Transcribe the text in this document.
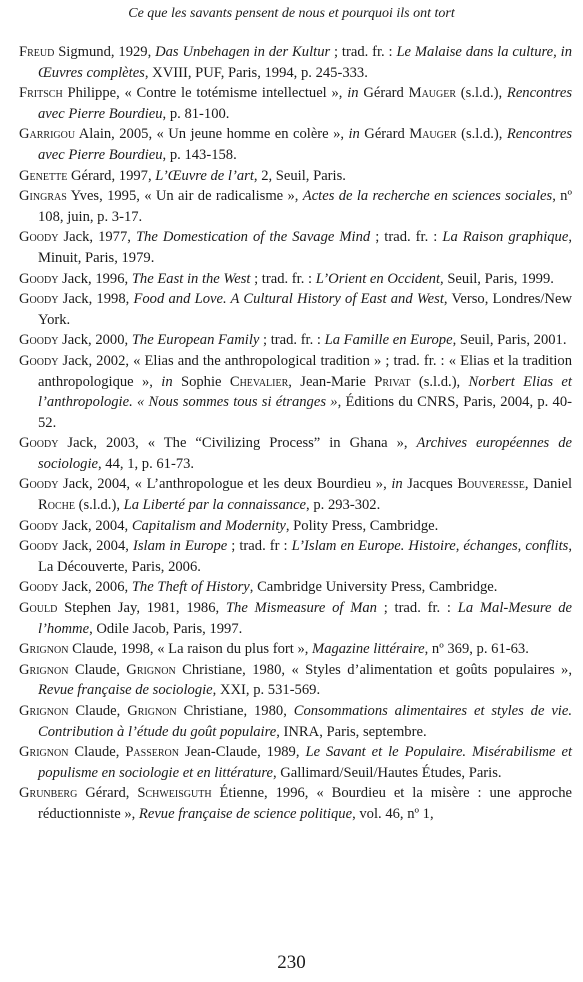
Ce que les savants pensent de nous et pourquoi ils ont tort

Freud Sigmund, 1929, Das Unbehagen in der Kultur ; trad. fr. : Le Malaise dans la culture, in Œuvres complètes, XVIII, PUF, Paris, 1994, p. 245-333.

Fritsch Philippe, « Contre le totémisme intellectuel », in Gérard Mauger (s.l.d.), Rencontres avec Pierre Bourdieu, p. 81-100.

Garrigou Alain, 2005, « Un jeune homme en colère », in Gérard Mauger (s.l.d.), Rencontres avec Pierre Bourdieu, p. 143-158.

Genette Gérard, 1997, L’Œuvre de l’art, 2, Seuil, Paris.

Gingras Yves, 1995, « Un air de radicalisme », Actes de la recherche en sciences sociales, nº 108, juin, p. 3-17.

Goody Jack, 1977, The Domestication of the Savage Mind ; trad. fr. : La Raison graphique, Minuit, Paris, 1979.

Goody Jack, 1996, The East in the West ; trad. fr. : L’Orient en Occident, Seuil, Paris, 1999.

Goody Jack, 1998, Food and Love. A Cultural History of East and West, Verso, Londres/New York.

Goody Jack, 2000, The European Family ; trad. fr. : La Famille en Europe, Seuil, Paris, 2001.

Goody Jack, 2002, « Elias and the anthropological tradition » ; trad. fr. : « Elias et la tradition anthropologique », in Sophie Chevalier, Jean-Marie Privat (s.l.d.), Norbert Elias et l’anthropologie. « Nous sommes tous si étranges », Éditions du CNRS, Paris, 2004, p. 40-52.

Goody Jack, 2003, « The “Civilizing Process” in Ghana », Archives européennes de sociologie, 44, 1, p. 61-73.

Goody Jack, 2004, « L’anthropologue et les deux Bourdieu », in Jacques Bouveresse, Daniel Roche (s.l.d.), La Liberté par la connaissance, p. 293-302.

Goody Jack, 2004, Capitalism and Modernity, Polity Press, Cambridge.

Goody Jack, 2004, Islam in Europe ; trad. fr : L’Islam en Europe. Histoire, échanges, conflits, La Découverte, Paris, 2006.

Goody Jack, 2006, The Theft of History, Cambridge University Press, Cambridge.

Gould Stephen Jay, 1981, 1986, The Mismeasure of Man ; trad. fr. : La Mal-Mesure de l’homme, Odile Jacob, Paris, 1997.

Grignon Claude, 1998, « La raison du plus fort », Magazine littéraire, nº 369, p. 61-63.

Grignon Claude, Grignon Christiane, 1980, « Styles d’alimentation et goûts populaires », Revue française de sociologie, XXI, p. 531-569.

Grignon Claude, Grignon Christiane, 1980, Consommations alimentaires et styles de vie. Contribution à l’étude du goût populaire, INRA, Paris, septembre.

Grignon Claude, Passeron Jean-Claude, 1989, Le Savant et le Populaire. Misérabilisme et populisme en sociologie et en littérature, Gallimard/Seuil/Hautes Études, Paris.

Grunberg Gérard, Schweisguth Étienne, 1996, « Bourdieu et la misère : une approche réductionniste », Revue française de science politique, vol. 46, nº 1,

230
